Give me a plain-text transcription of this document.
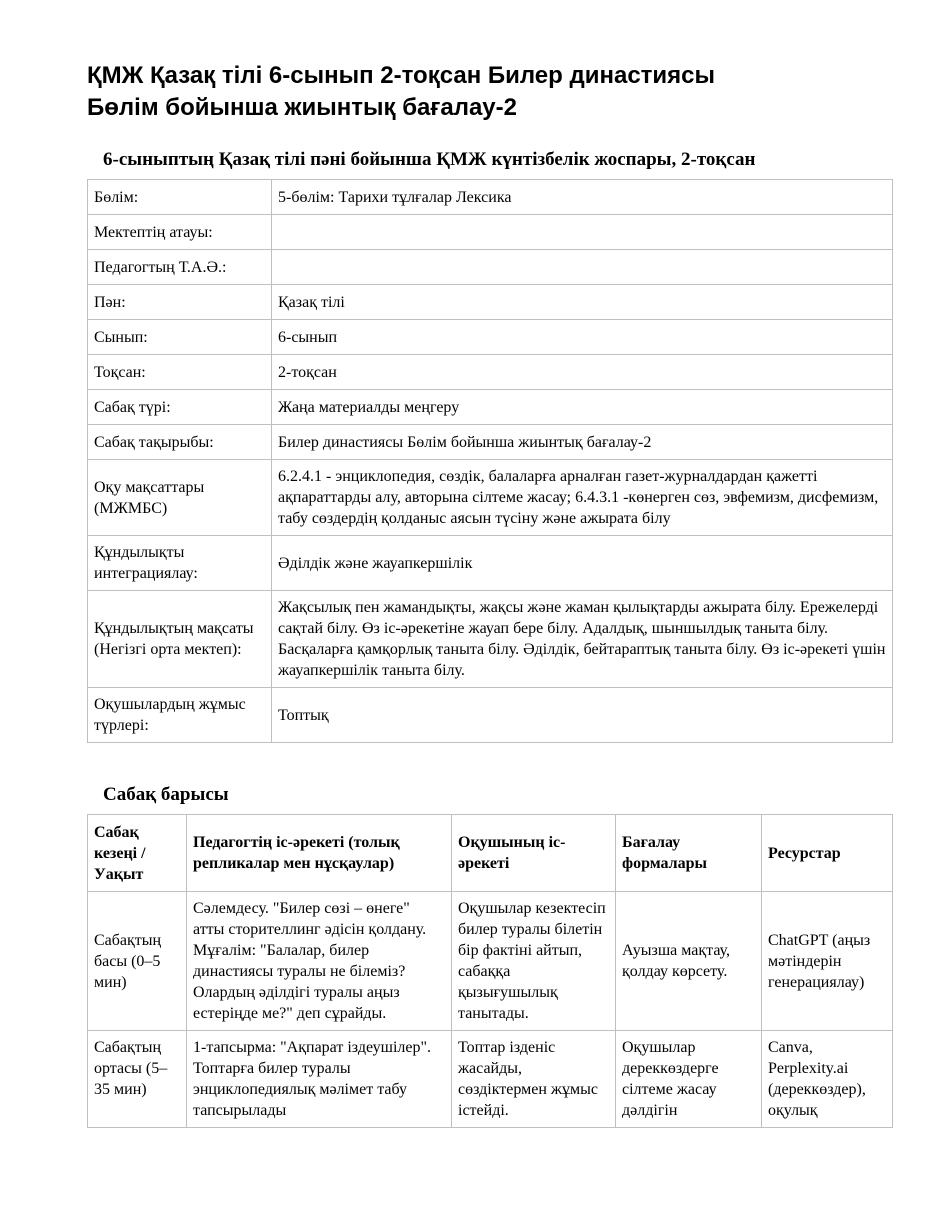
ҚМЖ Қазақ тілі 6-сынып 2-тоқсан Билер династиясы
Бөлім бойынша жиынтық бағалау-2

6-сыныптың Қазақ тілі пәні бойынша ҚМЖ күнтізбелік жоспары, 2-тоқсан

Бөлім:	5-бөлім: Тарихи тұлғалар Лексика
Мектептің атауы:	
Педагогтың Т.А.Ә.:	
Пән:	Қазақ тілі
Сынып:	6-сынып
Тоқсан:	2-тоқсан
Сабақ түрі:	Жаңа материалды меңгеру
Сабақ тақырыбы:	Билер династиясы Бөлім бойынша жиынтық бағалау-2
Оқу мақсаттары (МЖМБС)	6.2.4.1 - энциклопедия, сөздік, балаларға арналған газет-журналдардан қажетті ақпараттарды алу, авторына сілтеме жасау; 6.4.3.1 -көнерген сөз, эвфемизм, дисфемизм, табу сөздердің қолданыс аясын түсіну және ажырата білу
Құндылықты интеграциялау:	Әділдік және жауапкершілік
Құндылықтың мақсаты (Негізгі орта мектеп):	Жақсылық пен жамандықты, жақсы және жаман қылықтарды ажырата білу. Ережелерді сақтай білу. Өз іс-әрекетіне жауап бере білу. Адалдық, шыншылдық таныта білу. Басқаларға қамқорлық таныта білу. Әділдік, бейтараптық таныта білу. Өз іс-әрекеті үшін жауапкершілік таныта білу.
Оқушылардың жұмыс түрлері:	Топтық

Сабақ барысы

Сабақ кезеңі / Уақыт	Педагогтің іс-әрекеті (толық репликалар мен нұсқаулар)	Оқушының іс-әрекеті	Бағалау формалары	Ресурстар
Сабақтың басы (0–5 мин)	Сәлемдесу. "Билер сөзі – өнеге" атты сторителлинг әдісін қолдану. Мұғалім: "Балалар, билер династиясы туралы не білеміз? Олардың әділдігі туралы аңыз естеріңде ме?" деп сұрайды.	Оқушылар кезектесіп билер туралы білетін бір фактіні айтып, сабаққа қызығушылық танытады.	Ауызша мақтау, қолдау көрсету.	ChatGPT (аңыз мәтіндерін генерациялау)
Сабақтың ортасы (5–35 мин)	1-тапсырма: "Ақпарат іздеушілер". Топтарға билер туралы энциклопедиялық мәлімет табу тапсырылады	Топтар ізденіс жасайды, сөздіктермен жұмыс істейді.	Оқушылар дереккөздерге сілтеме жасау дәлдігін	Canva, Perplexity.ai (дереккөздер), оқулық
